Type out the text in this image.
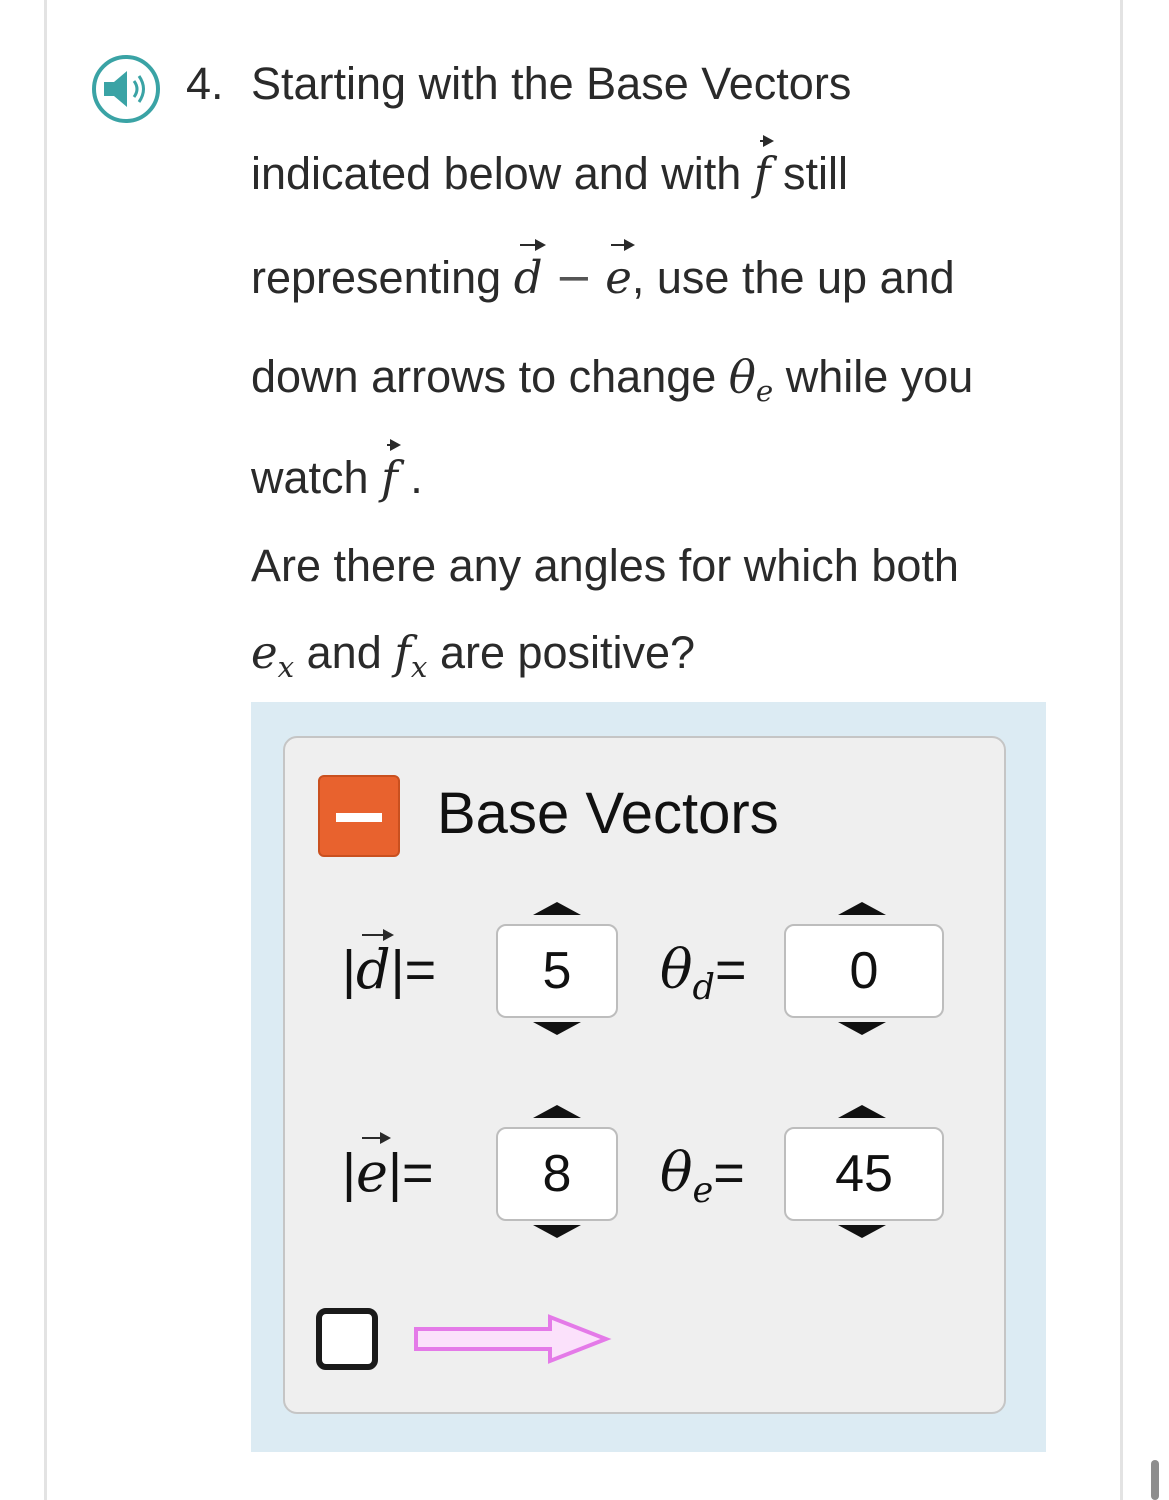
4. Starting with the Base Vectors
indicated below and with f still
representing d − e, use the up and
down arrows to change θe while you
watch f .
Are there any angles for which both
ex and fx are positive?
Base Vectors
|d|=	5	θd=	0
|e|=	8	θe=	45
